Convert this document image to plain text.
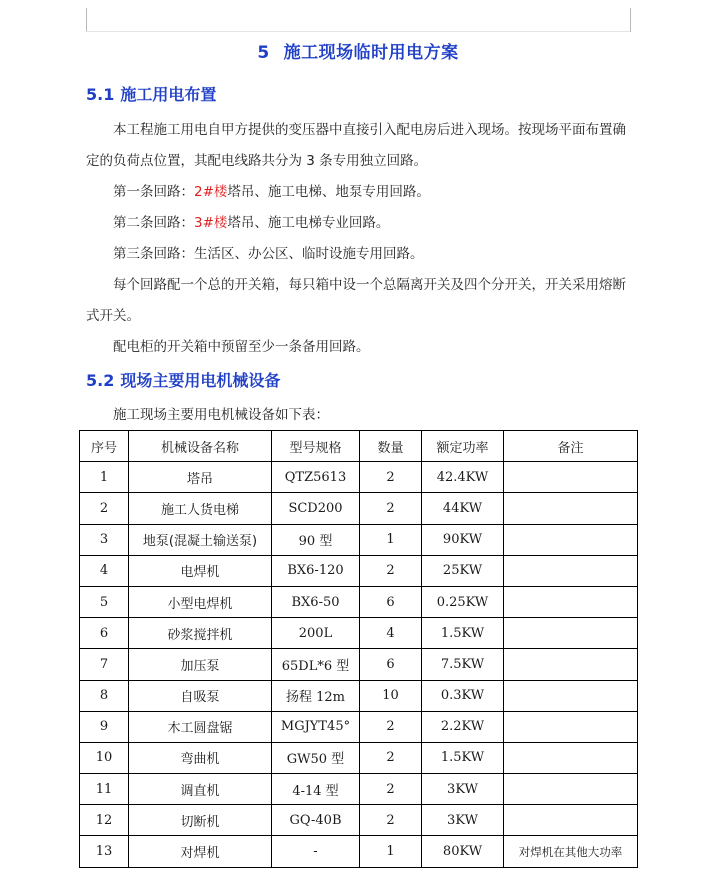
5 施工现场临时用电方案
5.1 施工用电布置
本工程施工用电自甲方提供的变压器中直接引入配电房后进入现场。按现场平面布置确定的负荷点位置，其配电线路共分为 3 条专用独立回路。
第一条回路：2#楼塔吊、施工电梯、地泵专用回路。
第二条回路：3#楼塔吊、施工电梯专业回路。
第三条回路：生活区、办公区、临时设施专用回路。
每个回路配一个总的开关箱，每只箱中设一个总隔离开关及四个分开关，开关采用熔断式开关。
配电柜的开关箱中预留至少一条备用回路。
5.2 现场主要用电机械设备
施工现场主要用电机械设备如下表：
序号	机械设备名称	型号规格	数量	额定功率	备注
1	塔吊	QTZ5613	2	42.4KW	
2	施工人货电梯	SCD200	2	44KW	
3	地泵(混凝土输送泵)	90 型	1	90KW	
4	电焊机	BX6-120	2	25KW	
5	小型电焊机	BX6-50	6	0.25KW	
6	砂浆搅拌机	200L	4	1.5KW	
7	加压泵	65DL*6 型	6	7.5KW	
8	自吸泵	扬程 12m	10	0.3KW	
9	木工圆盘锯	MGJYT45°	2	2.2KW	
10	弯曲机	GW50 型	2	1.5KW	
11	调直机	4-14 型	2	3KW	
12	切断机	GQ-40B	2	3KW	
13	对焊机	-	1	80KW	对焊机在其他大功率
